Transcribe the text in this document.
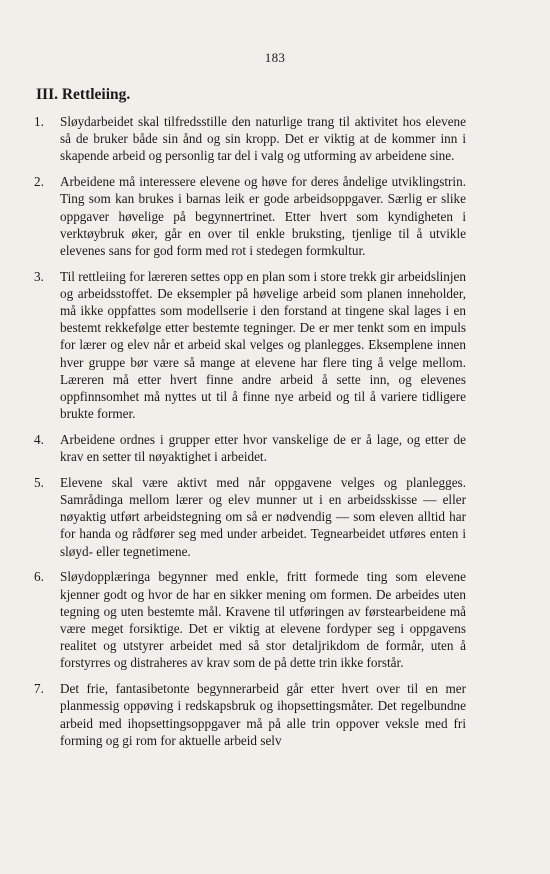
183
III. Rettleiing.
1. Sløydarbeidet skal tilfredsstille den naturlige trang til aktivitet hos elevene så de bruker både sin ånd og sin kropp. Det er viktig at de kommer inn i skapende arbeid og personlig tar del i valg og utforming av arbeidene sine.
2. Arbeidene må interessere elevene og høve for deres åndelige utviklingstrin. Ting som kan brukes i barnas leik er gode arbeidsoppgaver. Særlig er slike oppgaver høvelige på begynnertrinet. Etter hvert som kyndigheten i verktøybruk øker, går en over til enkle bruksting, tjenlige til å utvikle elevenes sans for god form med rot i stedegen formkultur.
3. Til rettleiing for læreren settes opp en plan som i store trekk gir arbeidslinjen og arbeidsstoffet. De eksempler på høvelige arbeid som planen inneholder, må ikke oppfattes som modellserie i den forstand at tingene skal lages i en bestemt rekkefølge etter bestemte tegninger. De er mer tenkt som en impuls for lærer og elev når et arbeid skal velges og planlegges. Eksemplene innen hver gruppe bør være så mange at elevene har flere ting å velge mellom. Læreren må etter hvert finne andre arbeid å sette inn, og elevenes oppfinnsomhet må nyttes ut til å finne nye arbeid og til å variere tidligere brukte former.
4. Arbeidene ordnes i grupper etter hvor vanskelige de er å lage, og etter de krav en setter til nøyaktighet i arbeidet.
5. Elevene skal være aktivt med når oppgavene velges og planlegges. Samrådinga mellom lærer og elev munner ut i en arbeidsskisse — eller nøyaktig utført arbeidstegning om så er nødvendig — som eleven alltid har for handa og rådfører seg med under arbeidet. Tegnearbeidet utføres enten i sløyd- eller tegnetimene.
6. Sløydopplæringa begynner med enkle, fritt formede ting som elevene kjenner godt og hvor de har en sikker mening om formen. De arbeides uten tegning og uten bestemte mål. Kravene til utføringen av førstearbeidene må være meget forsiktige. Det er viktig at elevene fordyper seg i oppgavens realitet og utstyrer arbeidet med så stor detaljrikdom de formår, uten å forstyrres og distraheres av krav som de på dette trin ikke forstår.
7. Det frie, fantasibetonte begynnerarbeid går etter hvert over til en mer planmessig oppøving i redskapsbruk og ihopsettingsmåter. Det regelbundne arbeid med ihopsettingsoppgaver må på alle trin oppover veksle med fri forming og gi rom for aktuelle arbeid selv
